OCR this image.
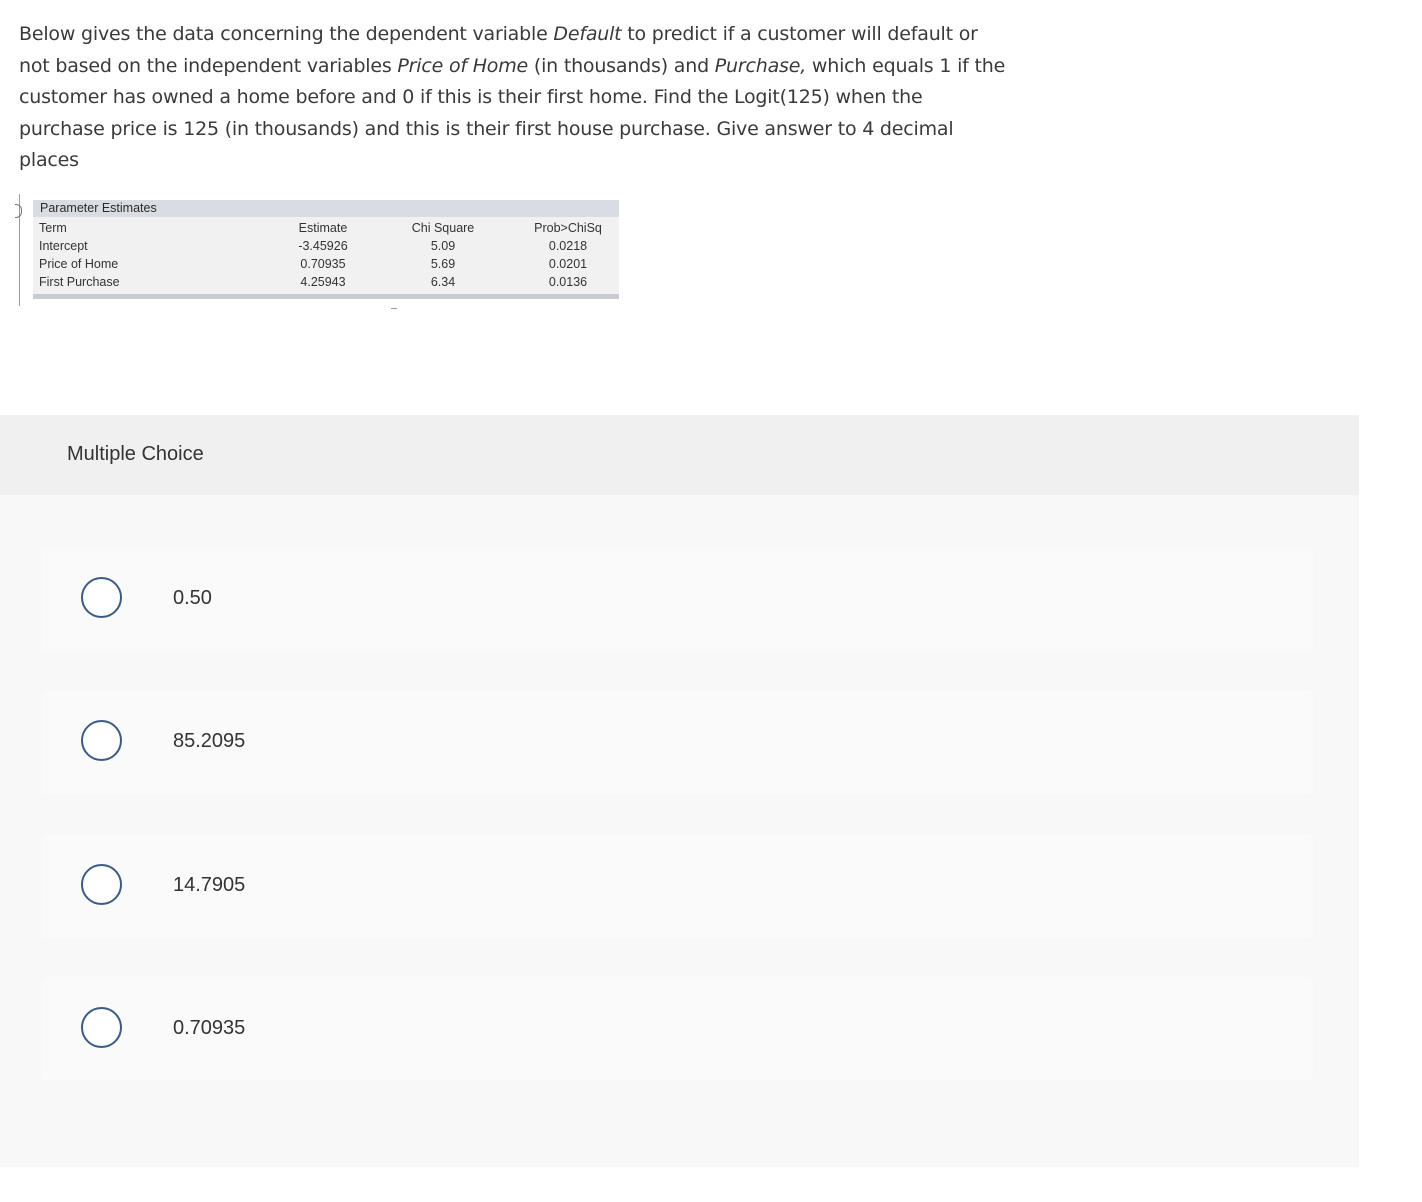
Below gives the data concerning the dependent variable Default to predict if a customer will default or not based on the independent variables Price of Home (in thousands) and Purchase, which equals 1 if the customer has owned a home before and 0 if this is their first home. Find the Logit(125) when the purchase price is 125 (in thousands) and this is their first house purchase. Give answer to 4 decimal places
Parameter Estimates
Term
Intercept
Price of Home
First Purchase
Estimate
-3.45926
0.70935
4.25943
Chi Square
5.09
5.69
6.34
Prob>ChiSq
0.0218
0.0201
0.0136
Multiple Choice
0.50
85.2095
14.7905
0.70935
